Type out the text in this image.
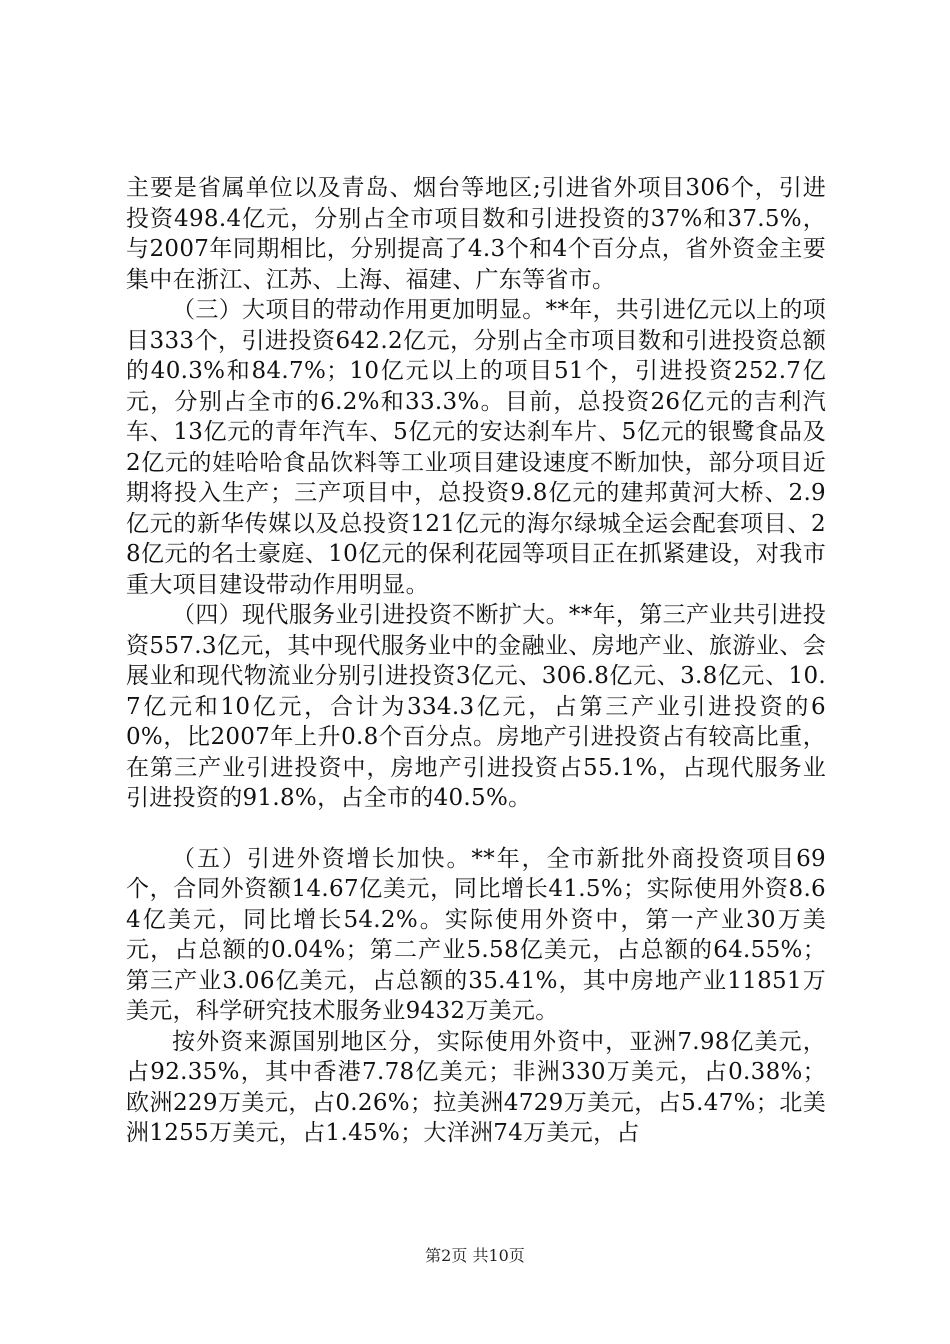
主要是省属单位以及青岛、烟台等地区;引进省外项目306个，引进投资498.4亿元，分别占全市项目数和引进投资的37%和37.5%，与2007年同期相比，分别提高了4.3个和4个百分点，省外资金主要集中在浙江、江苏、上海、福建、广东等省市。

（三）大项目的带动作用更加明显。**年，共引进亿元以上的项目333个，引进投资642.2亿元，分别占全市项目数和引进投资总额的40.3%和84.7%；10亿元以上的项目51个，引进投资252.7亿元，分别占全市的6.2%和33.3%。目前，总投资26亿元的吉利汽车、13亿元的青年汽车、5亿元的安达刹车片、5亿元的银鹭食品及2亿元的娃哈哈食品饮料等工业项目建设速度不断加快，部分项目近期将投入生产；三产项目中，总投资9.8亿元的建邦黄河大桥、2.9亿元的新华传媒以及总投资121亿元的海尔绿城全运会配套项目、28亿元的名士豪庭、10亿元的保利花园等项目正在抓紧建设，对我市重大项目建设带动作用明显。

（四）现代服务业引进投资不断扩大。**年，第三产业共引进投资557.3亿元，其中现代服务业中的金融业、房地产业、旅游业、会展业和现代物流业分别引进投资3亿元、306.8亿元、3.8亿元、10.7亿元和10亿元，合计为334.3亿元，占第三产业引进投资的60%，比2007年上升0.8个百分点。房地产引进投资占有较高比重，在第三产业引进投资中，房地产引进投资占55.1%，占现代服务业引进投资的91.8%，占全市的40.5%。

（五）引进外资增长加快。**年，全市新批外商投资项目69个，合同外资额14.67亿美元，同比增长41.5%；实际使用外资8.64亿美元，同比增长54.2%。实际使用外资中，第一产业30万美元，占总额的0.04%；第二产业5.58亿美元，占总额的64.55%；第三产业3.06亿美元，占总额的35.41%，其中房地产业11851万美元，科学研究技术服务业9432万美元。

按外资来源国别地区分，实际使用外资中，亚洲7.98亿美元，占92.35%，其中香港7.78亿美元；非洲330万美元，占0.38%；欧洲229万美元，占0.26%；拉美洲4729万美元，占5.47%；北美洲1255万美元，占1.45%；大洋洲74万美元，占

第2页 共10页
